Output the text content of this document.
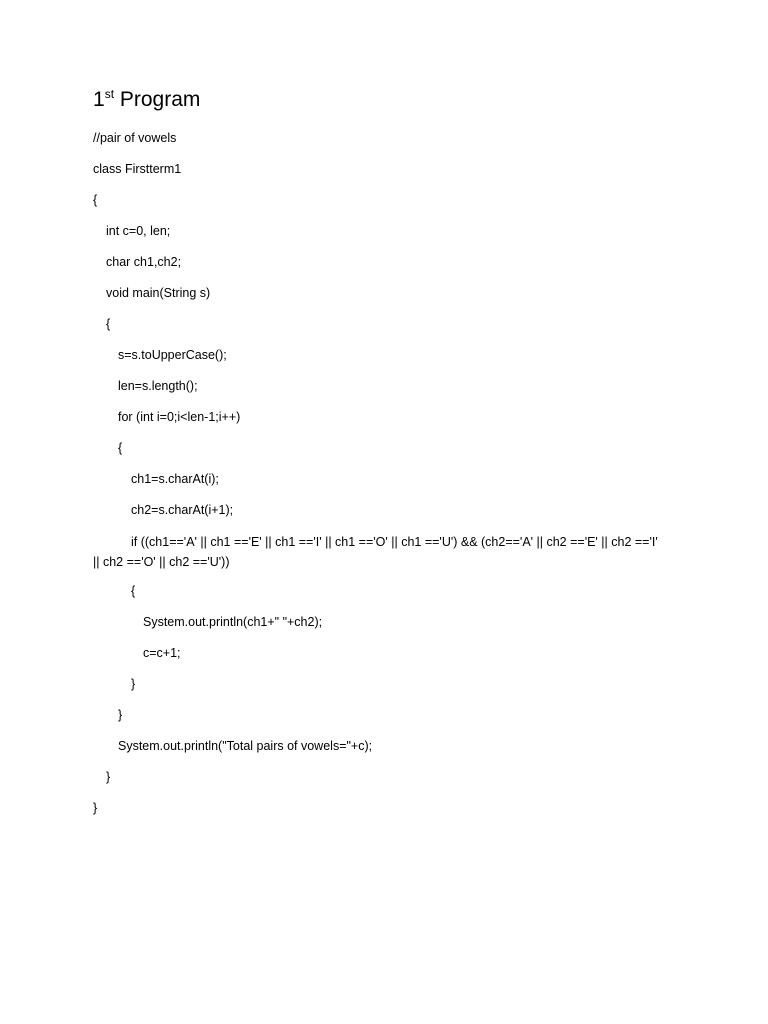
1st Program
//pair of vowels
class Firstterm1
{
int c=0, len;
char ch1,ch2;
void main(String s)
{
s=s.toUpperCase();
len=s.length();
for (int i=0;i<len-1;i++)
{
ch1=s.charAt(i);
ch2=s.charAt(i+1);
if ((ch1=='A' || ch1 =='E' || ch1 =='I' || ch1 =='O' || ch1 =='U') && (ch2=='A' || ch2 =='E' || ch2 =='I' || ch2 =='O' || ch2 =='U'))
{
System.out.println(ch1+" "+ch2);
c=c+1;
}
}
System.out.println("Total pairs of vowels="+c);
}
}
